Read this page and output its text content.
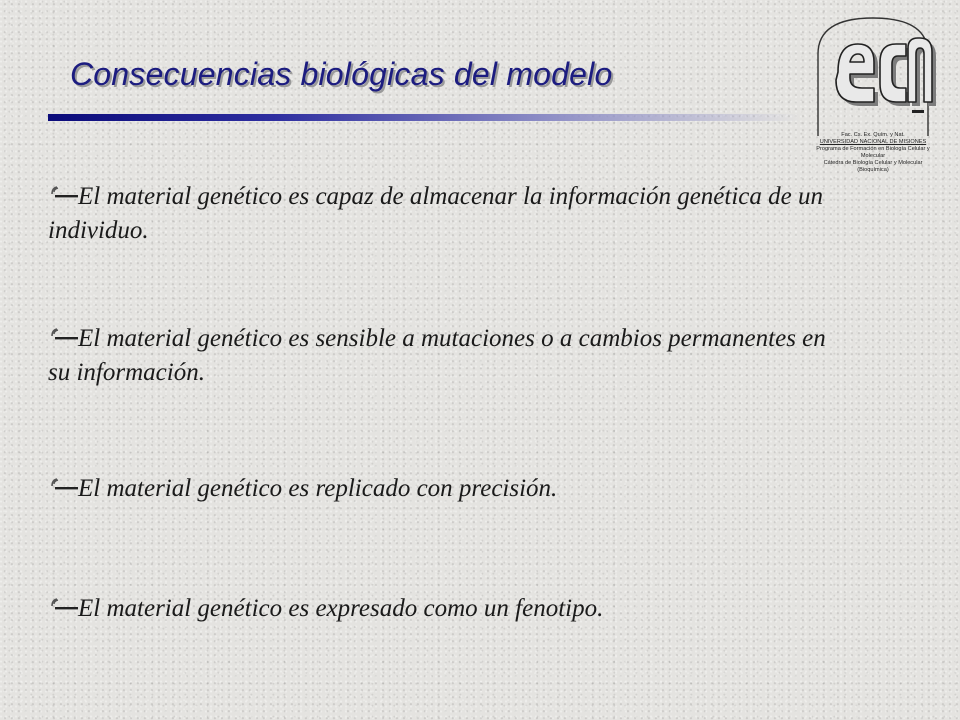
Consecuencias biológicas del modelo
Fac. Cs. Ex. Quím. y Nat.
UNIVERSIDAD NACIONAL DE MISIONES
Programa de Formación en Biología Celular y
Molecular
Cátedra de Biología Celular y Molecular
(Bioquímica)
El material genético es capaz de almacenar la información genética de un individuo.
El material genético es sensible a mutaciones o a cambios permanentes en su información.
El material genético es replicado con precisión.
El material genético es expresado como un fenotipo.
